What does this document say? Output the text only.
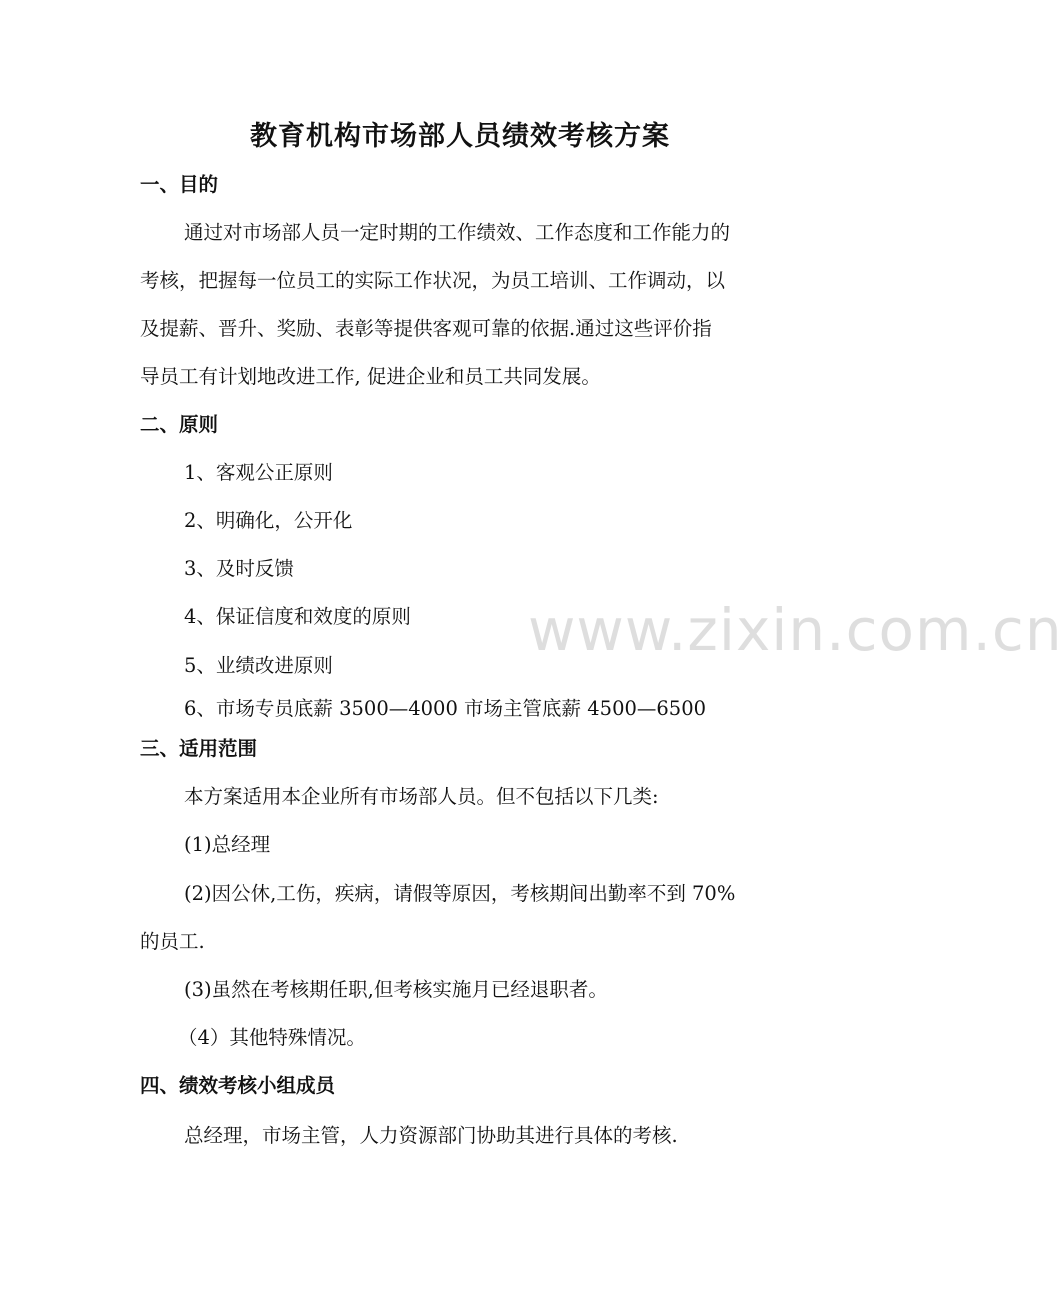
www.zixin.com.cn
教育机构市场部人员绩效考核方案
一、目的
通过对市场部人员一定时期的工作绩效、工作态度和工作能力的
考核，把握每一位员工的实际工作状况，为员工培训、工作调动，以
及提薪、晋升、奖励、表彰等提供客观可靠的依据.通过这些评价指
导员工有计划地改进工作, 促进企业和员工共同发展。
二、原则
1、客观公正原则
2、明确化，公开化
3、及时反馈
4、保证信度和效度的原则
5、业绩改进原则
6、市场专员底薪 3500—4000 市场主管底薪 4500—6500
三、适用范围
本方案适用本企业所有市场部人员。但不包括以下几类:
(1)总经理
(2)因公休,工伤，疾病，请假等原因，考核期间出勤率不到 70%
的员工.
(3)虽然在考核期任职,但考核实施月已经退职者。
（4）其他特殊情况。
四、绩效考核小组成员
总经理，市场主管，人力资源部门协助其进行具体的考核.
